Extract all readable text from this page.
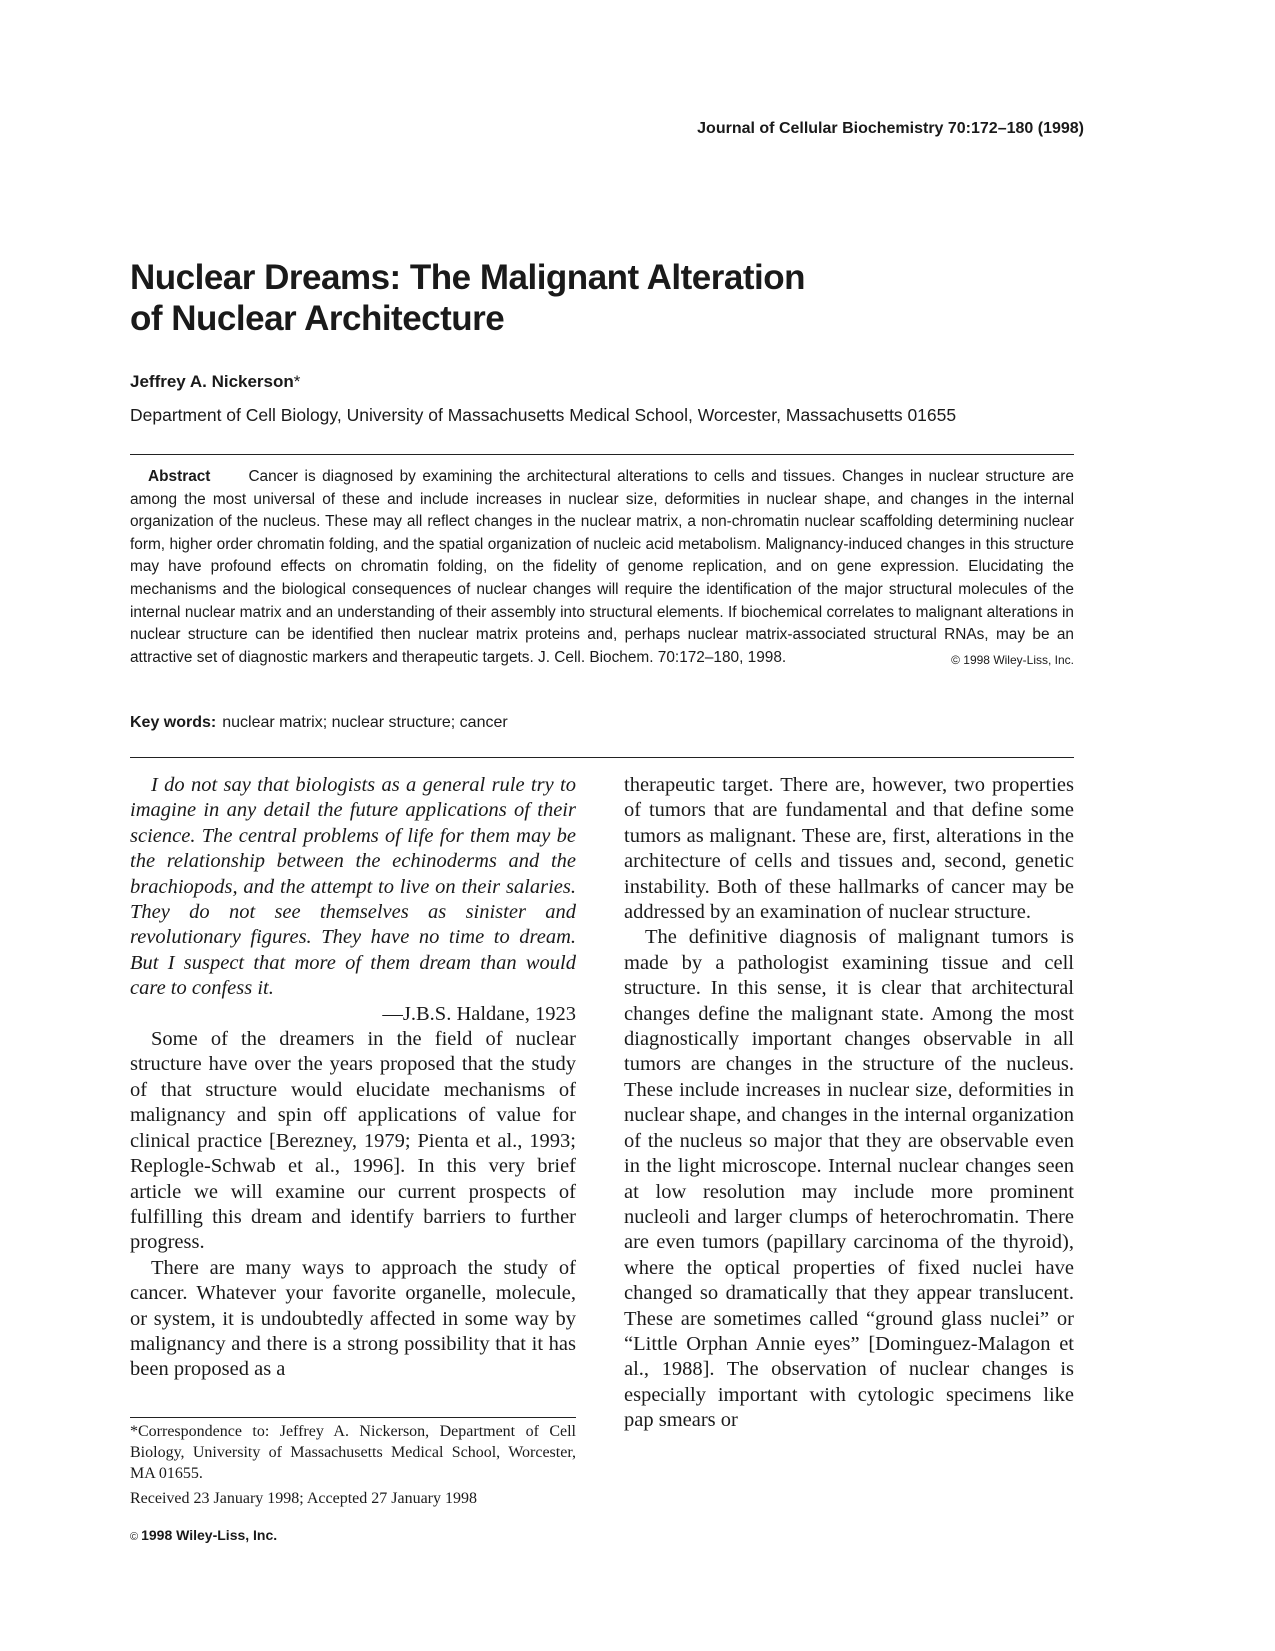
Journal of Cellular Biochemistry 70:172–180 (1998)
Nuclear Dreams: The Malignant Alteration
of Nuclear Architecture
Jeffrey A. Nickerson*
Department of Cell Biology, University of Massachusetts Medical School, Worcester, Massachusetts 01655

Abstract Cancer is diagnosed by examining the architectural alterations to cells and tissues. Changes in nuclear structure are among the most universal of these and include increases in nuclear size, deformities in nuclear shape, and changes in the internal organization of the nucleus. These may all reflect changes in the nuclear matrix, a non-chromatin nuclear scaffolding determining nuclear form, higher order chromatin folding, and the spatial organization of nucleic acid metabolism. Malignancy-induced changes in this structure may have profound effects on chromatin folding, on the fidelity of genome replication, and on gene expression. Elucidating the mechanisms and the biological consequences of nuclear changes will require the identification of the major structural molecules of the internal nuclear matrix and an understanding of their assembly into structural elements. If biochemical correlates to malignant alterations in nuclear structure can be identified then nuclear matrix proteins and, perhaps nuclear matrix-associated structural RNAs, may be an attractive set of diagnostic markers and therapeutic targets. J. Cell. Biochem. 70:172–180, 1998.	© 1998 Wiley-Liss, Inc.

Key words: nuclear matrix; nuclear structure; cancer

I do not say that biologists as a general rule try to imagine in any detail the future applications of their science. The central problems of life for them may be the relationship between the echinoderms and the brachiopods, and the attempt to live on their salaries. They do not see themselves as sinister and revolutionary figures. They have no time to dream. But I suspect that more of them dream than would care to confess it.

—J.B.S. Haldane, 1923

Some of the dreamers in the field of nuclear structure have over the years proposed that the study of that structure would elucidate mechanisms of malignancy and spin off applications of value for clinical practice [Berezney, 1979; Pienta et al., 1993; Replogle-Schwab et al., 1996]. In this very brief article we will examine our current prospects of fulfilling this dream and identify barriers to further progress.

There are many ways to approach the study of cancer. Whatever your favorite organelle, molecule, or system, it is undoubtedly affected in some way by malignancy and there is a strong possibility that it has been proposed as a

therapeutic target. There are, however, two properties of tumors that are fundamental and that define some tumors as malignant. These are, first, alterations in the architecture of cells and tissues and, second, genetic instability. Both of these hallmarks of cancer may be addressed by an examination of nuclear structure.

The definitive diagnosis of malignant tumors is made by a pathologist examining tissue and cell structure. In this sense, it is clear that architectural changes define the malignant state. Among the most diagnostically important changes observable in all tumors are changes in the structure of the nucleus. These include increases in nuclear size, deformities in nuclear shape, and changes in the internal organization of the nucleus so major that they are observable even in the light microscope. Internal nuclear changes seen at low resolution may include more prominent nucleoli and larger clumps of heterochromatin. There are even tumors (papillary carcinoma of the thyroid), where the optical properties of fixed nuclei have changed so dramatically that they appear translucent. These are sometimes called “ground glass nuclei” or “Little Orphan Annie eyes” [Dominguez-Malagon et al., 1988]. The observation of nuclear changes is especially important with cytologic specimens like pap smears or

*Correspondence to: Jeffrey A. Nickerson, Department of Cell Biology, University of Massachusetts Medical School, Worcester, MA 01655.

Received 23 January 1998; Accepted 27 January 1998
© 1998 Wiley-Liss, Inc.
